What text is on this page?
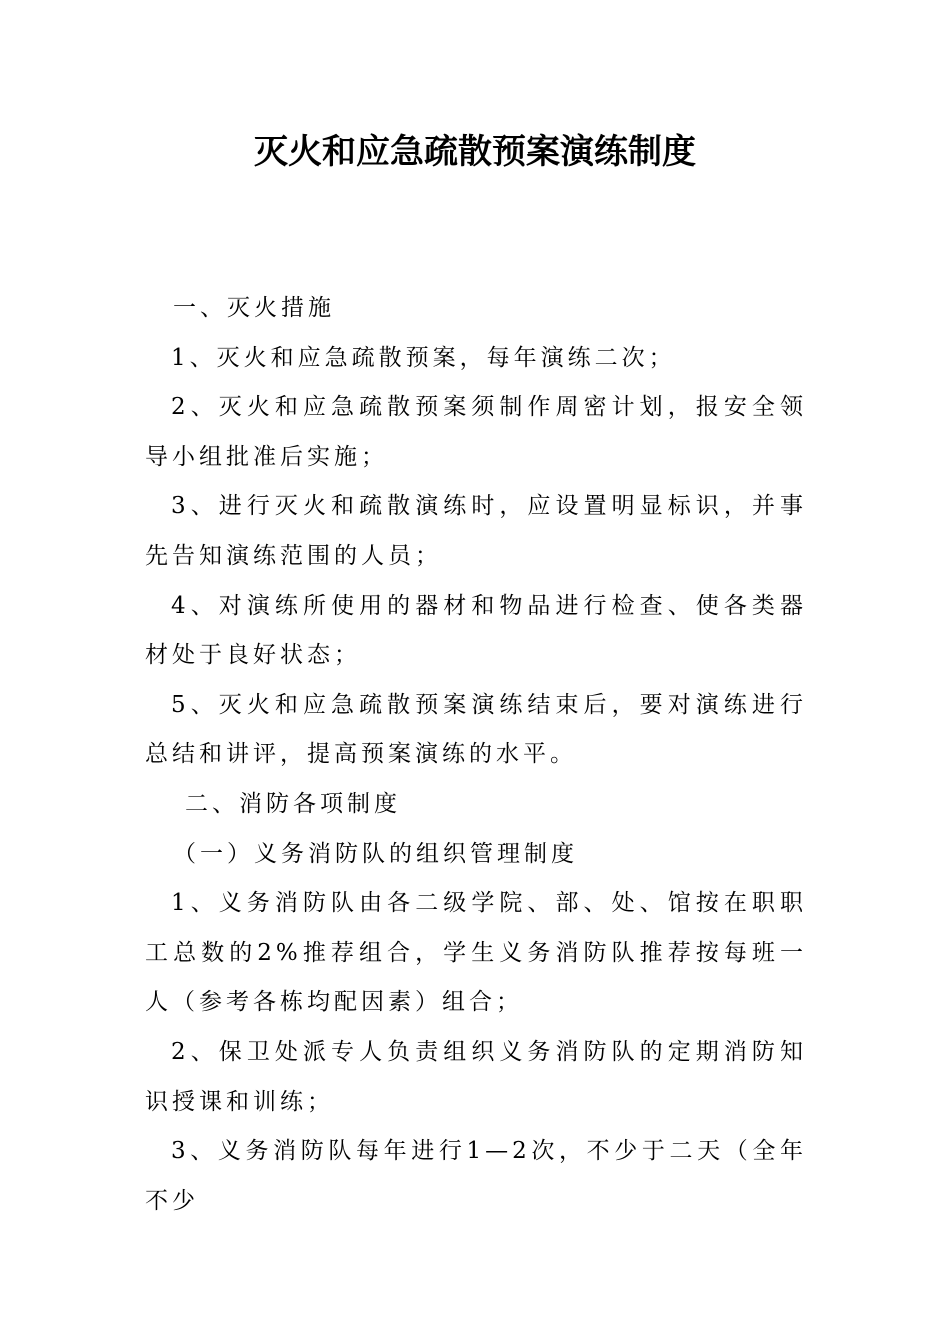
灭火和应急疏散预案演练制度

一、灭火措施

1、灭火和应急疏散预案，每年演练二次；

2、灭火和应急疏散预案须制作周密计划，报安全领导小组批准后实施；

3、进行灭火和疏散演练时，应设置明显标识，并事先告知演练范围的人员；

4、对演练所使用的器材和物品进行检查、使各类器材处于良好状态；

5、灭火和应急疏散预案演练结束后，要对演练进行总结和讲评，提高预案演练的水平。

二、消防各项制度

（一）义务消防队的组织管理制度

1、义务消防队由各二级学院、部、处、馆按在职职工总数的2%推荐组合，学生义务消防队推荐按每班一人（参考各栋均配因素）组合；

2、保卫处派专人负责组织义务消防队的定期消防知识授课和训练；

3、义务消防队每年进行1—2次，不少于二天（全年不少
